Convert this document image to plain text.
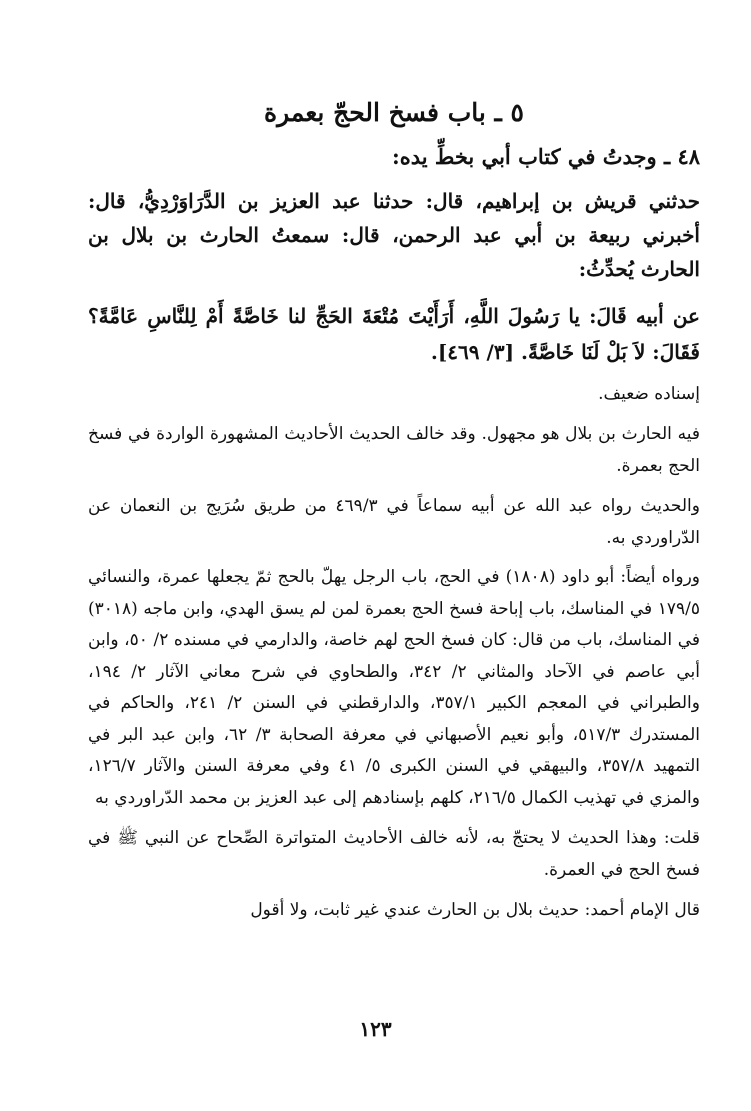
٥ ـ باب فسخ الحجّ بعمرة

٤٨ ـ وجدتُ في كتاب أبي بخطِّ يده:

حدثني قريش بن إبراهيم، قال: حدثنا عبد العزيز بن الدَّرَاوَرْدِيُّ، قال: أخبرني ربيعة بن أبي عبد الرحمن، قال: سمعتُ الحارث بن بلال بن الحارث يُحدِّثُ:

عن أبيه قَالَ: يا رَسُولَ اللَّهِ، أَرَأَيْتَ مُتْعَةَ الحَجِّ لنا خَاصَّةً أَمْ لِلنَّاسِ عَامَّةً؟ فَقَالَ: لاَ بَلْ لَنَا خَاصَّةً. [٣/ ٤٦٩].

إسناده ضعيف.

فيه الحارث بن بلال هو مجهول. وقد خالف الحديث الأحاديث المشهورة الواردة في فسخ الحج بعمرة.

والحديث رواه عبد الله عن أبيه سماعاً في ٤٦٩/٣ من طريق سُرَيج بن النعمان عن الدّراوردي به.

ورواه أيضاً: أبو داود (١٨٠٨) في الحج، باب الرجل يهلّ بالحج ثمّ يجعلها عمرة، والنسائي ١٧٩/٥ في المناسك، باب إباحة فسخ الحج بعمرة لمن لم يسق الهدي، وابن ماجه (٣٠١٨) في المناسك، باب من قال: كان فسخ الحج لهم خاصة، والدارمي في مسنده ٢/ ٥٠، وابن أبي عاصم في الآحاد والمثاني ٢/ ٣٤٢، والطحاوي في شرح معاني الآثار ٢/ ١٩٤، والطبراني في المعجم الكبير ٣٥٧/١، والدارقطني في السنن ٢/ ٢٤١، والحاكم في المستدرك ٥١٧/٣، وأبو نعيم الأصبهاني في معرفة الصحابة ٣/ ٦٢، وابن عبد البر في التمهيد ٣٥٧/٨، والبيهقي في السنن الكبرى ٥/ ٤١ وفي معرفة السنن والآثار ١٢٦/٧، والمزي في تهذيب الكمال ٢١٦/٥، كلهم بإسنادهم إلى عبد العزيز بن محمد الدّراوردي به

قلت: وهذا الحديث لا يحتجّ به، لأنه خالف الأحاديث المتواترة الصِّحاح عن النبي ﷺ في فسخ الحج في العمرة.

قال الإمام أحمد: حديث بلال بن الحارث عندي غير ثابت، ولا أقول

١٢٣
